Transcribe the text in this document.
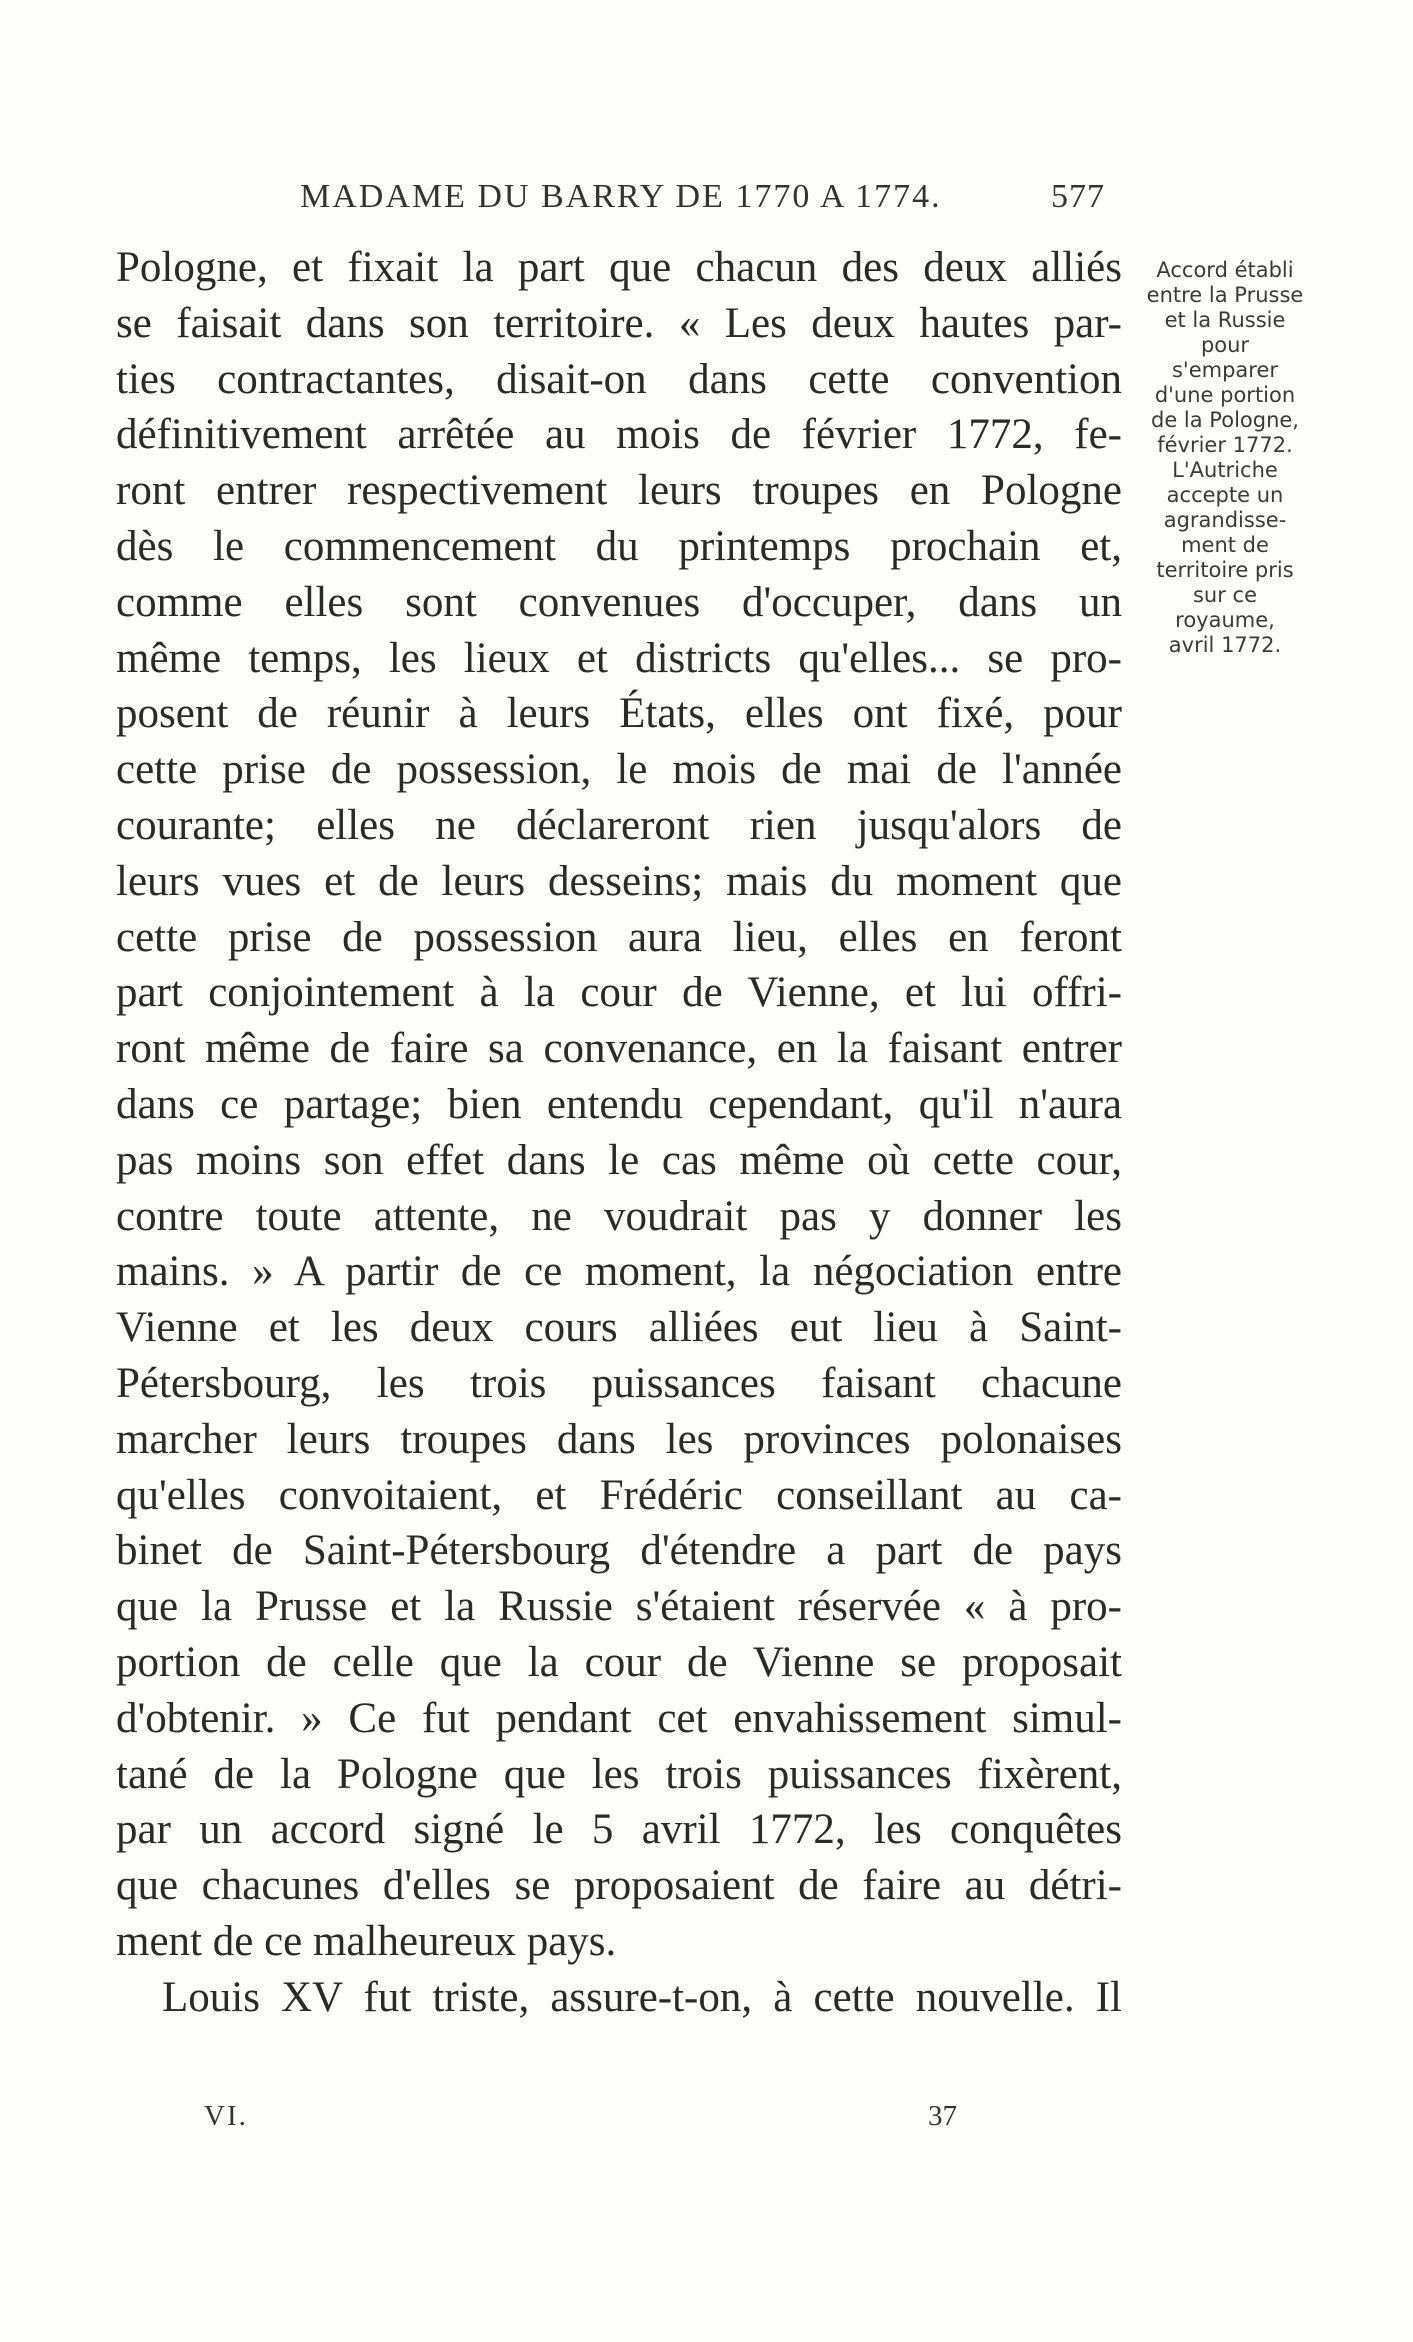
MADAME DU BARRY DE 1770 A 1774.	577
Pologne, et fixait la part que chacun des deux alliés
se faisait dans son territoire. « Les deux hautes par-
ties contractantes, disait-on dans cette convention
définitivement arrêtée au mois de février 1772, fe-
ront entrer respectivement leurs troupes en Pologne
dès le commencement du printemps prochain et,
comme elles sont convenues d'occuper, dans un
même temps, les lieux et districts qu'elles... se pro-
posent de réunir à leurs États, elles ont fixé, pour
cette prise de possession, le mois de mai de l'année
courante; elles ne déclareront rien jusqu'alors de
leurs vues et de leurs desseins; mais du moment que
cette prise de possession aura lieu, elles en feront
part conjointement à la cour de Vienne, et lui offri-
ront même de faire sa convenance, en la faisant entrer
dans ce partage; bien entendu cependant, qu'il n'aura
pas moins son effet dans le cas même où cette cour,
contre toute attente, ne voudrait pas y donner les
mains. » A partir de ce moment, la négociation entre
Vienne et les deux cours alliées eut lieu à Saint-
Pétersbourg, les trois puissances faisant chacune
marcher leurs troupes dans les provinces polonaises
qu'elles convoitaient, et Frédéric conseillant au ca-
binet de Saint-Pétersbourg d'étendre a part de pays
que la Prusse et la Russie s'étaient réservée « à pro-
portion de celle que la cour de Vienne se proposait
d'obtenir. » Ce fut pendant cet envahissement simul-
tané de la Pologne que les trois puissances fixèrent,
par un accord signé le 5 avril 1772, les conquêtes
que chacunes d'elles se proposaient de faire au détri-
ment de ce malheureux pays.
Louis XV fut triste, assure-t-on, à cette nouvelle. Il
Accord établi
entre la Prusse
et la Russie
pour
s'emparer
d'une portion
de la Pologne,
février 1772.
L'Autriche
accepte un
agrandisse-
ment de
territoire pris
sur ce
royaume,
avril 1772.
VI.	37
